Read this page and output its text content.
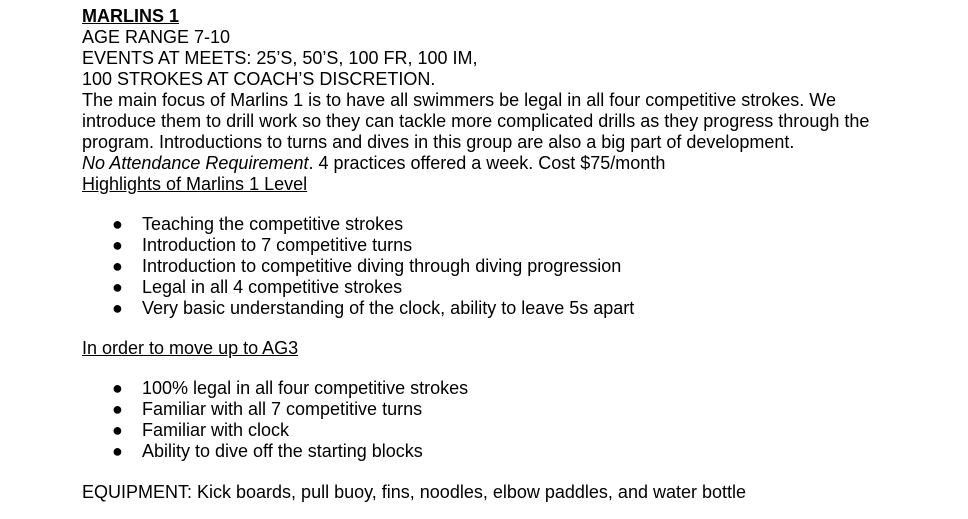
MARLINS 1

AGE RANGE 7-10

EVENTS AT MEETS: 25’S, 50’S, 100 FR, 100 IM,

100 STROKES AT COACH’S DISCRETION.

The main focus of Marlins 1 is to have all swimmers be legal in all four competitive strokes. We introduce them to drill work so they can tackle more complicated drills as they progress through the program. Introductions to turns and dives in this group are also a big part of development.

No Attendance Requirement. 4 practices offered a week. Cost $75/month

Highlights of Marlins 1 Level

● Teaching the competitive strokes
● Introduction to 7 competitive turns
● Introduction to competitive diving through diving progression
● Legal in all 4 competitive strokes
● Very basic understanding of the clock, ability to leave 5s apart

In order to move up to AG3

● 100% legal in all four competitive strokes
● Familiar with all 7 competitive turns
● Familiar with clock
● Ability to dive off the starting blocks

EQUIPMENT: Kick boards, pull buoy, fins, noodles, elbow paddles, and water bottle
